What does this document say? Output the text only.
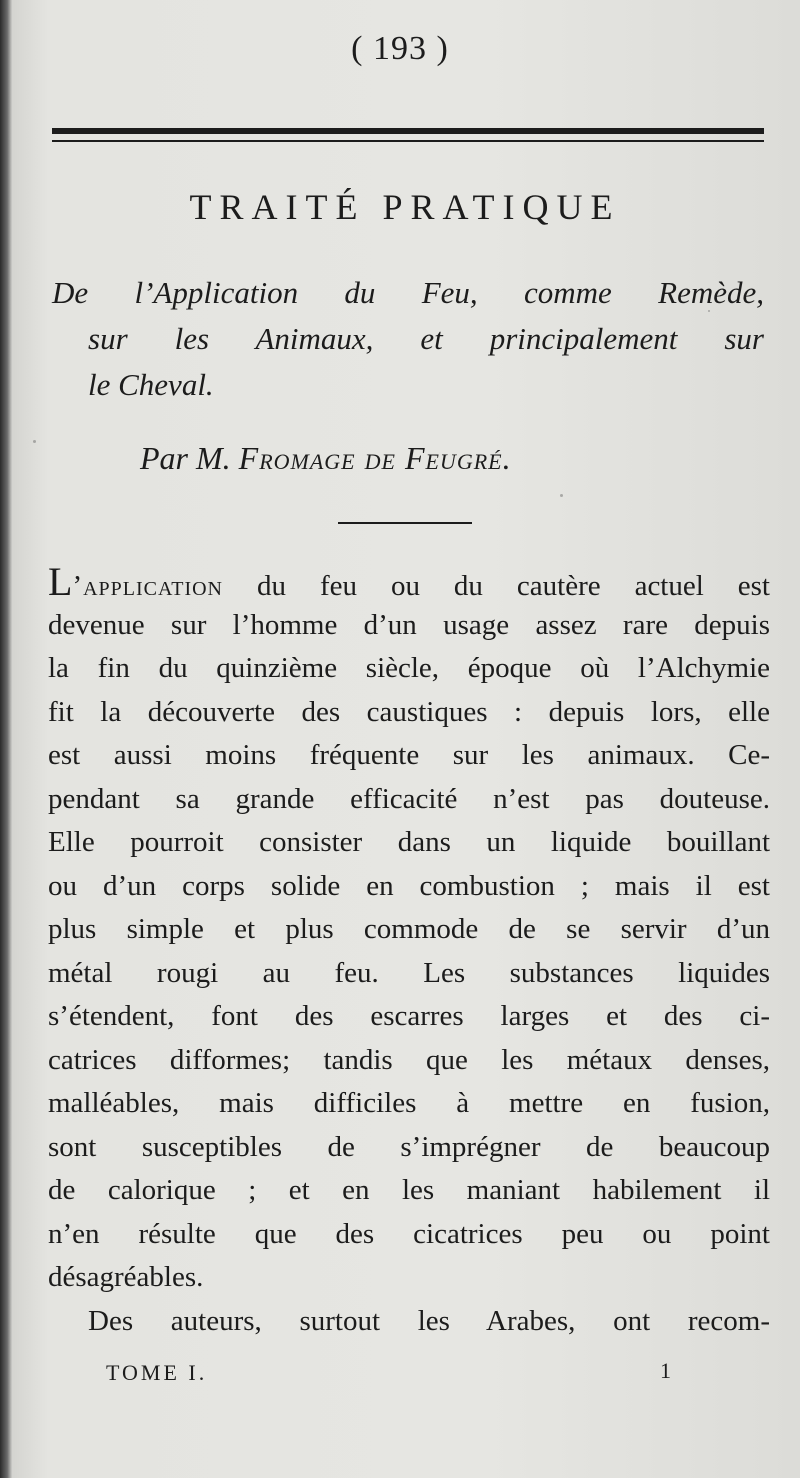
( 193 )
TRAITÉ PRATIQUE
De l’Application du Feu, comme Remède,
sur les Animaux, et principalement sur
le Cheval.
Par M. Fromage de Feugré.
L’application du feu ou du cautère actuel est
devenue sur l’homme d’un usage assez rare depuis
la fin du quinzième siècle, époque où l’Alchymie
fit la découverte des caustiques : depuis lors, elle
est aussi moins fréquente sur les animaux. Ce-
pendant sa grande efficacité n’est pas douteuse.
Elle pourroit consister dans un liquide bouillant
ou d’un corps solide en combustion ; mais il est
plus simple et plus commode de se servir d’un
métal rougi au feu. Les substances liquides
s’étendent, font des escarres larges et des ci-
catrices difformes; tandis que les métaux denses,
malléables, mais difficiles à mettre en fusion,
sont susceptibles de s’imprégner de beaucoup
de calorique ; et en les maniant habilement il
n’en résulte que des cicatrices peu ou point
désagréables.
Des auteurs, surtout les Arabes, ont recom-
TOME I.	1
